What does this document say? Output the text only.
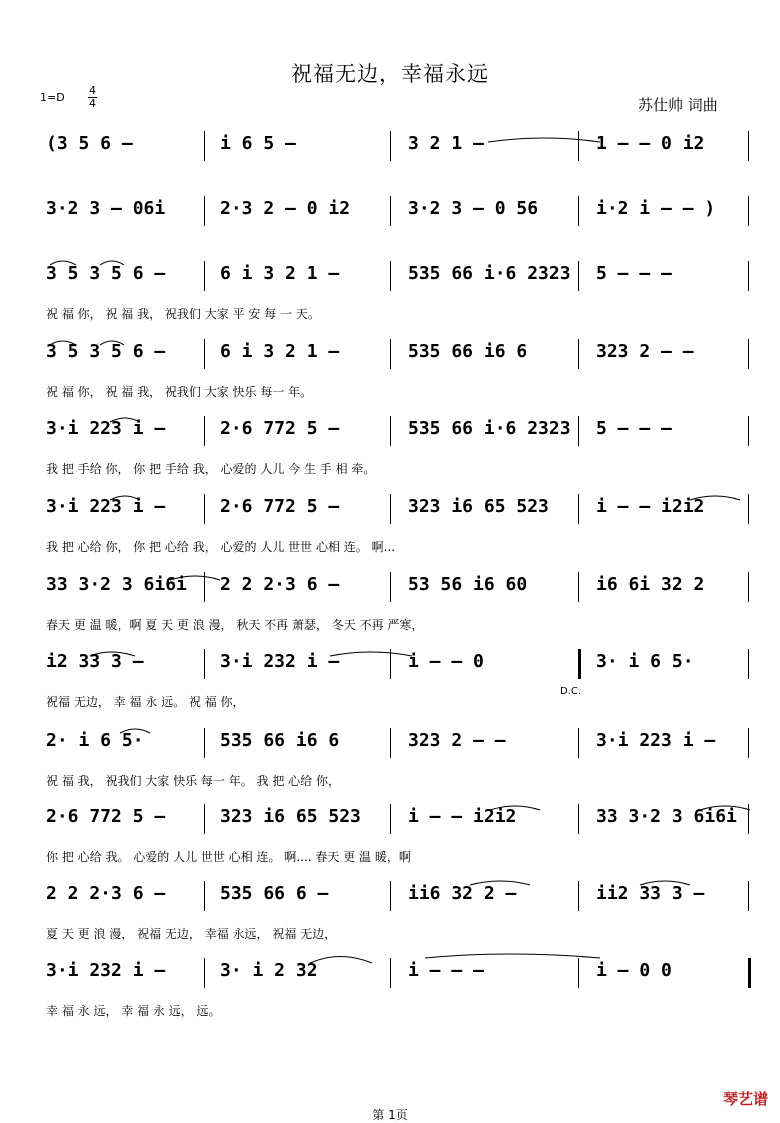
祝福无边，幸福永远
1=D
4
4	苏仕帅 词曲
(3 5 6 –	i 6 5 –	3 2 1 –	1 – – 0 i2
3·2 3 – 06i	2·3 2 – 0 i2	3·2 3 – 0 56	i·2 i – – )
3 5 3 5 6 –	6 i 3 2 1 –	535 66 i·6 2323 5 – – –
祝 福 你， 祝 福 我， 祝我们 大家 平 安 每 一 天。
3 5 3 5 6 –	6 i 3 2 1 –	535 66 i6 6	323 2 – –
祝 福 你， 祝 福 我， 祝我们 大家 快乐 每一 年。
3·i 223 i –	2·6 772 5 –	535 66 i·6 2323 5 – – –
我 把 手给 你， 你 把 手给 我， 心爱的 人儿 今 生 手 相 牵。
3·i 223 i –	2·6 772 5 –	323 i6 65 523	i – – i2i2
我 把 心给 你， 你 把 心给 我， 心爱的 人儿 世世 心相 连。 啊...
33 3·2 3 6i6i 2 2 2·3 6 –	53 56 i6 60	i6 6i 32 2
春天 更 温 暖，啊 夏 天 更 浪 漫， 秋天 不再 萧瑟， 冬天 不再 严寒，
i2 33 3 –	3·i 232 i –	i – – 0	3· i 6 5·
祝福 无边， 幸 福 永 远。 祝 福 你，
2· i 6 5·	535 66 i6 6	323 2 – –	3·i 223 i –
祝 福 我， 祝我们 大家 快乐 每一 年。 我 把 心给 你，
2·6 772 5 –	323 i6 65 523	i – – i2i2	33 3·2 3 6i6i
你 把 心给 我。 心爱的 人儿 世世 心相 连。 啊.... 春天 更 温 暖，啊
2 2 2·3 6 –	535 66 6 –	ii6 32 2 –	ii2 33 3 –
夏 天 更 浪 漫， 祝福 无边， 幸福 永远， 祝福 无边，
3·i 232 i –	3· i 2 32	i – – –	i – 0 0
幸 福 永 远， 幸 福 永 远， 远。
D.C.
第 1页
琴艺谱
